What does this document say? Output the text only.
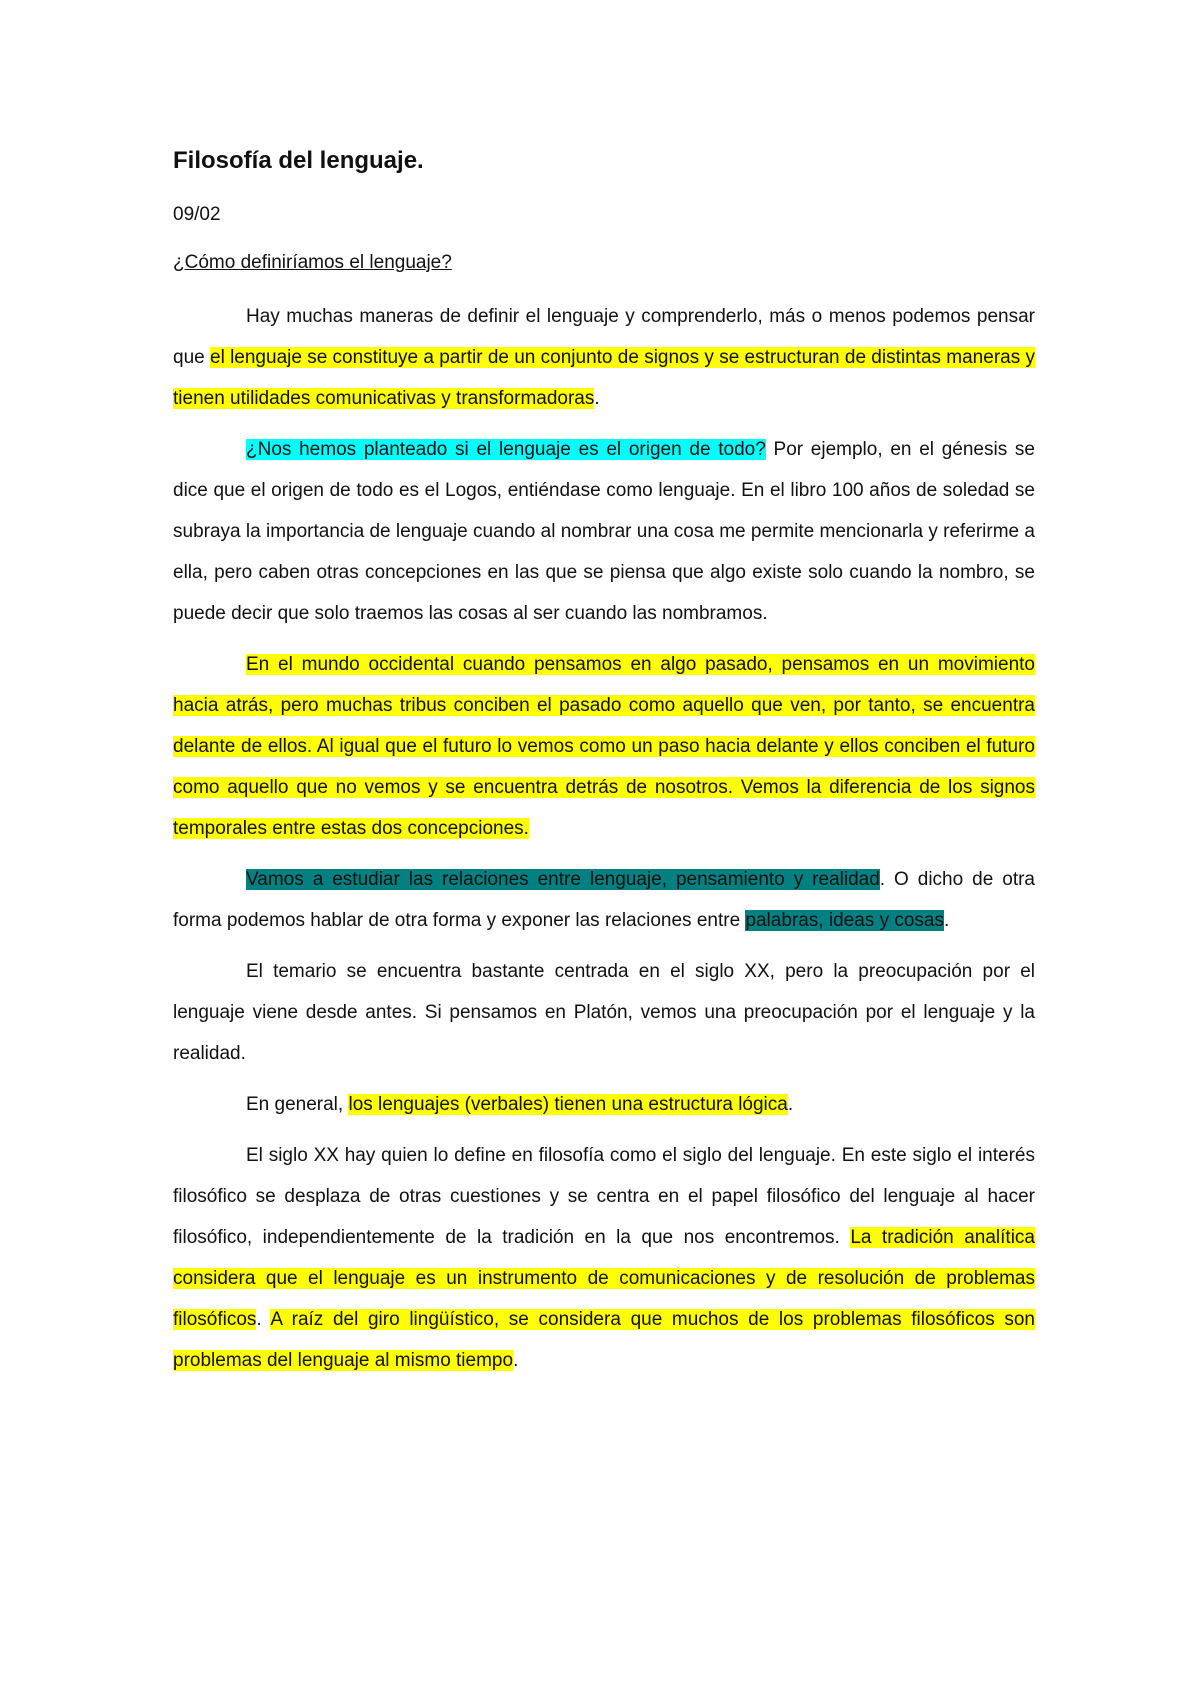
Filosofía del lenguaje.

09/02

¿Cómo definiríamos el lenguaje?

Hay muchas maneras de definir el lenguaje y comprenderlo, más o menos podemos pensar que el lenguaje se constituye a partir de un conjunto de signos y se estructuran de distintas maneras y tienen utilidades comunicativas y transformadoras.

¿Nos hemos planteado si el lenguaje es el origen de todo? Por ejemplo, en el génesis se dice que el origen de todo es el Logos, entiéndase como lenguaje. En el libro 100 años de soledad se subraya la importancia de lenguaje cuando al nombrar una cosa me permite mencionarla y referirme a ella, pero caben otras concepciones en las que se piensa que algo existe solo cuando la nombro, se puede decir que solo traemos las cosas al ser cuando las nombramos.

En el mundo occidental cuando pensamos en algo pasado, pensamos en un movimiento hacia atrás, pero muchas tribus conciben el pasado como aquello que ven, por tanto, se encuentra delante de ellos. Al igual que el futuro lo vemos como un paso hacia delante y ellos conciben el futuro como aquello que no vemos y se encuentra detrás de nosotros. Vemos la diferencia de los signos temporales entre estas dos concepciones.

Vamos a estudiar las relaciones entre lenguaje, pensamiento y realidad. O dicho de otra forma podemos hablar de otra forma y exponer las relaciones entre palabras, ideas y cosas.

El temario se encuentra bastante centrada en el siglo XX, pero la preocupación por el lenguaje viene desde antes. Si pensamos en Platón, vemos una preocupación por el lenguaje y la realidad.

En general, los lenguajes (verbales) tienen una estructura lógica.

El siglo XX hay quien lo define en filosofía como el siglo del lenguaje. En este siglo el interés filosófico se desplaza de otras cuestiones y se centra en el papel filosófico del lenguaje al hacer filosófico, independientemente de la tradición en la que nos encontremos. La tradición analítica considera que el lenguaje es un instrumento de comunicaciones y de resolución de problemas filosóficos. A raíz del giro lingüístico, se considera que muchos de los problemas filosóficos son problemas del lenguaje al mismo tiempo.
